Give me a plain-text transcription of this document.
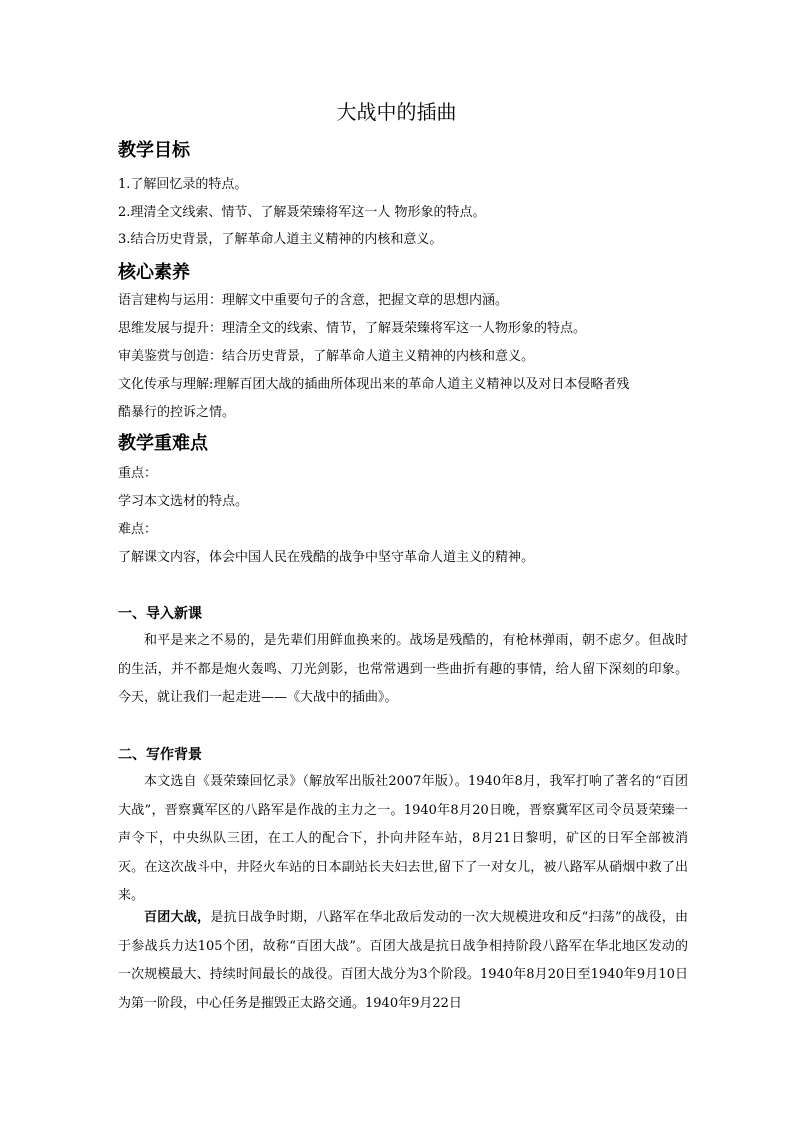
大战中的插曲
教学目标
1.了解回忆录的特点。
2.理清全文线索、情节、了解聂荣臻将军这一人 物形象的特点。
3.结合历史背景，了解革命人道主义精神的内核和意义。
核心素养
语言建构与运用：理解文中重要句子的含意，把握文章的思想内涵。
思维发展与提升：理清全文的线索、情节，了解聂荣臻将军这一人物形象的特点。
审美鉴赏与创造：结合历史背景，了解革命人道主义精神的内核和意义。
文化传承与理解:理解百团大战的插曲所体现出来的革命人道主义精神以及对日本侵略者残
酷暴行的控诉之情。
教学重难点
重点：
学习本文选材的特点。
难点：
了解课文内容，体会中国人民在残酷的战争中坚守革命人道主义的精神。
一、导入新课
和平是来之不易的，是先辈们用鲜血换来的。战场是残酷的，有枪林弹雨，朝不虑夕。但战时的生活，并不都是炮火轰鸣、刀光剑影，也常常遇到一些曲折有趣的事情，给人留下深刻的印象。今天，就让我们一起走进——《大战中的插曲》。
二、写作背景
本文选自《聂荣臻回忆录》（解放军出版社2007年版）。1940年8月，我军打响了著名的“百团大战”，晋察冀军区的八路军是作战的主力之一。1940年8月20日晚，晋察冀军区司令员聂荣臻一声令下，中央纵队三团，在工人的配合下，扑向井陉车站，8月21日黎明，矿区的日军全部被消灭。在这次战斗中，井陉火车站的日本副站长夫妇去世,留下了一对女儿，被八路军从硝烟中救了出来。
百团大战，是抗日战争时期，八路军在华北敌后发动的一次大规模进攻和反“扫荡”的战役，由于参战兵力达105个团，故称“百团大战”。百团大战是抗日战争相持阶段八路军在华北地区发动的一次规模最大、持续时间最长的战役。百团大战分为3个阶段。1940年8月20日至1940年9月10日为第一阶段，中心任务是摧毁正太路交通。1940年9月22日
